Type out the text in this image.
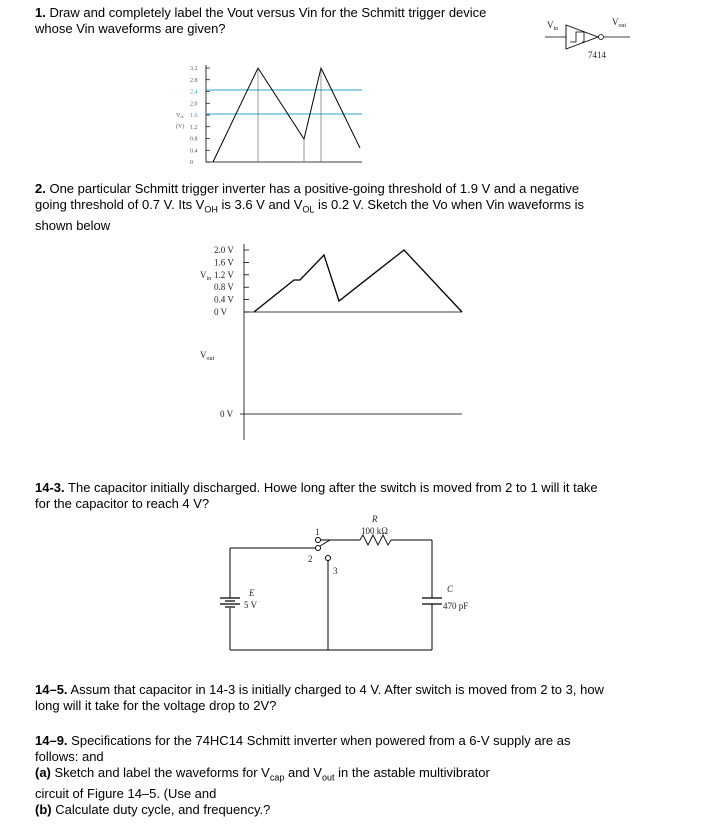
1. Draw and completely label the Vout versus Vin for the Schmitt trigger device
whose Vin waveforms are given?
2. One particular Schmitt trigger inverter has a positive-going threshold of 1.9 V and a negative
going threshold of 0.7 V. Its $V_{OH}$ is 3.6 V and $V_{OL}$ is 0.2 V. Sketch the Vo when Vin waveforms is
shown below
14-3. The capacitor initially discharged. Howe long after the switch is moved from 2 to 1 will it take
for the capacitor to reach 4 V?
14–5. Assum that capacitor in 14-3 is initially charged to 4 V. After switch is moved from 2 to 3, how
long will it take for the voltage drop to 2V?
14–9. Specifications for the 74HC14 Schmitt inverter when powered from a 6-V supply are as
follows: and
(a) Sketch and label the waveforms for $V_{cap}$ and $V_{out}$ in the astable multivibrator
circuit of Figure 14–5. (Use and
(b) Calculate duty cycle, and frequency.?
$V_{in}$
$V_{out}$
7414
3.2
2.8
2.4
2.0
1.6
1.2
0.8
0.4
0
Vin
(V)
2.0 V
1.6 V
1.2 V
0.8 V
0.4 V
0 V
$V_{in}$
0 V
$V_{out}$
R
100 kΩ
C
470 pF
E
5 V
1
2
3
